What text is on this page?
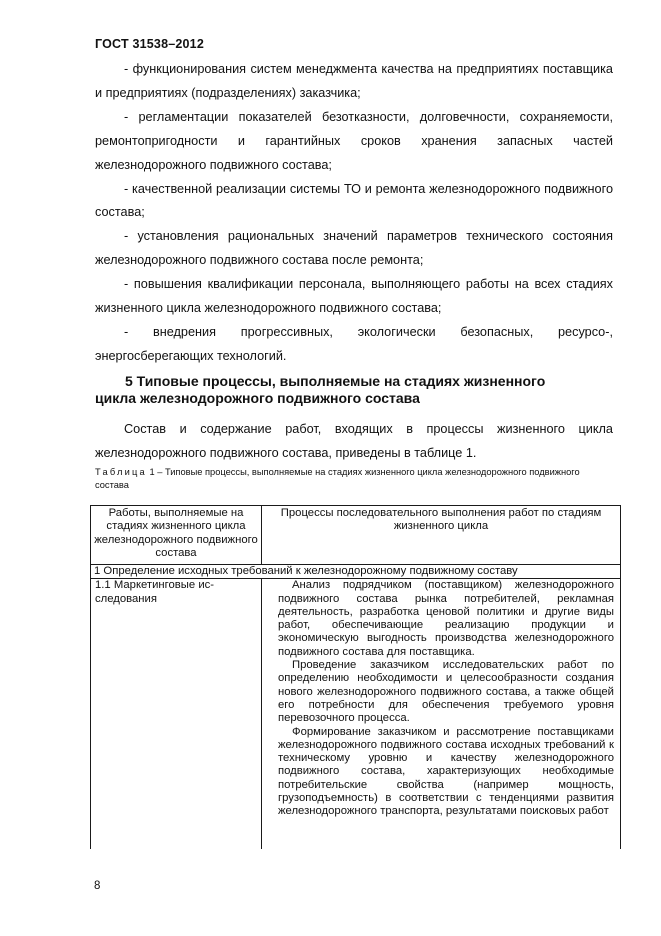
ГОСТ 31538–2012

- функционирования систем менеджмента качества на предприятиях поставщика и предприятиях (подразделениях) заказчика;

- регламентации показателей безотказности, долговечности, сохраняемости, ремонтопригодности и гарантийных сроков хранения запасных частей железнодорожного подвижного состава;

- качественной реализации системы ТО и ремонта железнодорожного подвижного состава;

- установления рациональных значений параметров технического состояния железнодорожного подвижного состава после ремонта;

- повышения квалификации персонала, выполняющего работы на всех стадиях жизненного цикла железнодорожного подвижного состава;

- внедрения прогрессивных, экологически безопасных, ресурсо-, энергосберегающих технологий.

5 Типовые процессы, выполняемые на стадиях жизненного
цикла железнодорожного подвижного состава

Состав и содержание работ, входящих в процессы жизненного цикла железнодорожного подвижного состава, приведены в таблице 1.

Таблица 1 – Типовые процессы, выполняемые на стадиях жизненного цикла железнодорожного подвижного состава
Работы, выполняемые на стадиях жизненного цикла железнодорожного подвижного состава	Процессы последовательного выполнения работ по стадиям жизненного цикла
1 Определение исходных требований к железнодорожному подвижному составу	
1.1 Маркетинговые ис-следования	Анализ подрядчиком (поставщиком) железнодорожного подвижного состава рынка потребителей, рекламная деятельность, разработка ценовой политики и другие виды работ, обеспечивающие реализацию продукции и экономическую выгодность производства железнодорожного подвижного состава для поставщика.

Проведение заказчиком исследовательских работ по определению необходимости и целесообразности создания нового железнодорожного подвижного состава, а также общей его потребности для обеспечения требуемого уровня перевозочного процесса.

Формирование заказчиком и рассмотрение поставщиками железнодорожного подвижного состава исходных требований к техническому уровню и качеству железнодорожного подвижного состава, характеризующих необходимые потребительские свойства (например мощность, грузоподъемность) в соответствии с тенденциями развития железнодорожного транспорта, результатами поисковых работ

8
